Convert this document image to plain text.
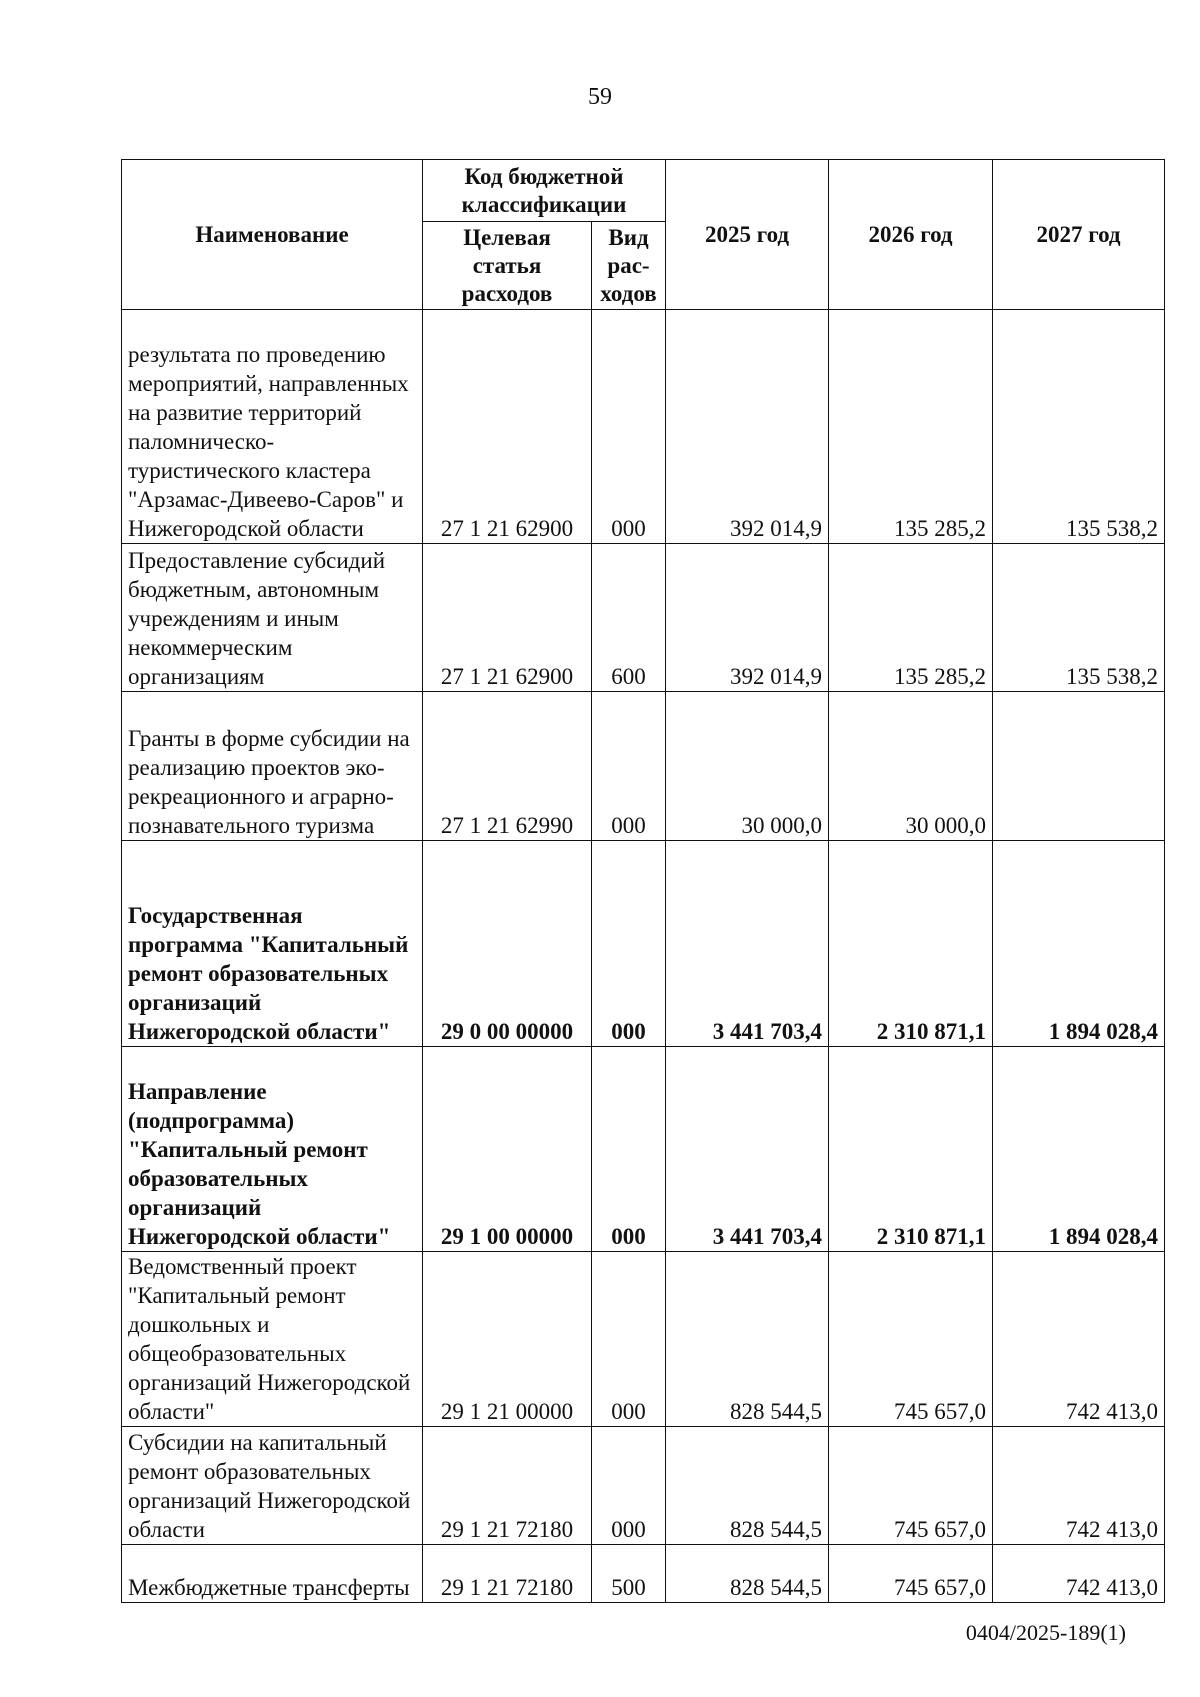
59
Наименование	Код бюджетной классификации		2025 год	2026 год	2027 год
	Целевая статья расходов	Вид рас-ходов			
результата по проведению мероприятий, направленных на развитие территорий паломническо-туристического кластера "Арзамас-Дивеево-Саров" и Нижегородской области	27 1 21 62900	000	392 014,9	135 285,2	135 538,2
Предоставление субсидий бюджетным, автономным учреждениям и иным некоммерческим организациям	27 1 21 62900	600	392 014,9	135 285,2	135 538,2
Гранты в форме субсидии на реализацию проектов эко-рекреационного и аграрно-познавательного туризма	27 1 21 62990	000	30 000,0	30 000,0	
Государственная программа "Капитальный ремонт образовательных организаций Нижегородской области"	29 0 00 00000	000	3 441 703,4	2 310 871,1	1 894 028,4
Направление (подпрограмма) "Капитальный ремонт образовательных организаций Нижегородской области"	29 1 00 00000	000	3 441 703,4	2 310 871,1	1 894 028,4
Ведомственный проект "Капитальный ремонт дошкольных и общеобразовательных организаций Нижегородской области"	29 1 21 00000	000	828 544,5	745 657,0	742 413,0
Субсидии на капитальный ремонт образовательных организаций Нижегородской области	29 1 21 72180	000	828 544,5	745 657,0	742 413,0
Межбюджетные трансферты	29 1 21 72180	500	828 544,5	745 657,0	742 413,0
0404/2025-189(1)
